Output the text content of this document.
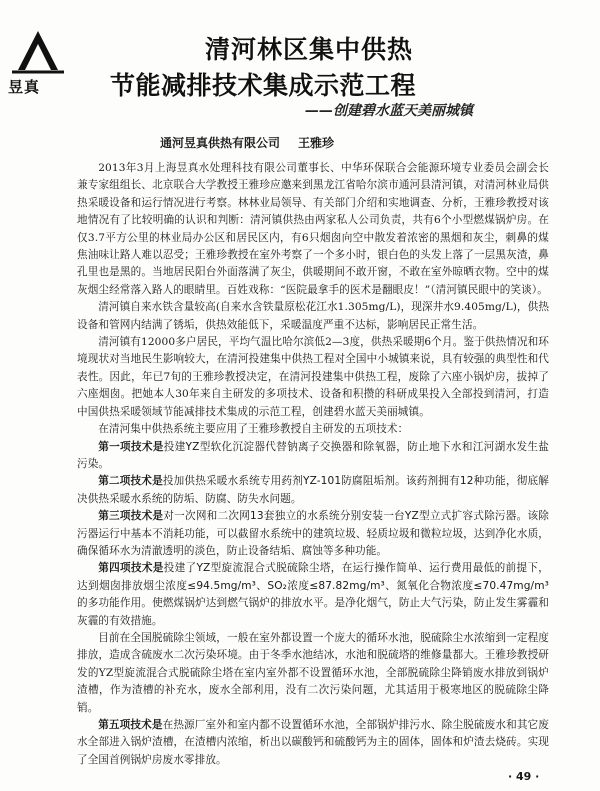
昱真
清河林区集中供热
节能减排技术集成示范工程
——创建碧水蓝天美丽城镇
通河昱真供热有限公司 王雅珍

2013年3月上海昱真水处理科技有限公司董事长、中华环保联合会能源环境专业委员会副会长兼专家组组长、北京联合大学教授王雅珍应邀来到黑龙江省哈尔滨市通河县清河镇，对清河林业局供热采暖设备和运行情况进行考察。林林业局领导、有关部门介绍和实地调查、分析，王雅珍教授对该地情况有了比较明确的认识和判断：清河镇供热由两家私人公司负责，共有6个小型燃煤锅炉房。在仅3.7平方公里的林业局办公区和居民区内，有6只烟囱向空中散发着浓密的黑烟和灰尘，刺鼻的煤焦油味让路人难以忍受；王雅珍教授在室外考察了一个多小时，银白色的头发上落了一层黑灰渣，鼻孔里也是黑的。当地居民阳台外面落满了灰尘，供暖期间不敢开窗，不敢在室外晾晒衣物。空中的煤灰烟尘经常落入路人的眼睛里。百姓戏称：“医院最拿手的医术是翻眼皮！”（清河镇民眼中的笑谈）。

清河镇自来水铁含量较高(自来水含铁量原松花江水1.305mg/L)，现深井水9.405mg/L)，供热设备和管网内结满了锈垢，供热效能低下，采暖温度严重不达标，影响居民正常生活。

清河镇有12000多户居民，平均气温比哈尔滨低2—3度，供热采暖期6个月。鉴于供热情况和环境现状对当地民生影响较大，在清河投建集中供热工程对全国中小城镇来说，具有较强的典型性和代表性。因此，年已7旬的王雅珍教授决定，在清河投建集中供热工程，废除了六座小锅炉房，拔掉了六座烟囱。把她本人30年来自主研发的多项技术、设备和积攒的科研成果投入全部投到清河，打造中国供热采暖领域节能减排技术集成的示范工程，创建碧水蓝天美丽城镇。

在清河集中供热系统主要应用了王雅珍教授自主研发的五项技术：

第一项技术是投建YZ型软化沉淀器代替钠离子交换器和除氧器，防止地下水和江河湖水发生盐污染。

第二项技术是投加供热采暖水系统专用药剂YZ-101防腐阻垢剂。该药剂拥有12种功能，彻底解决供热采暖水系统的防垢、防腐、防失水问题。

第三项技术是对一次网和二次网13套独立的水系统分别安装一台YZ型立式扩容式除污器。该除污器运行中基本不消耗功能，可以截留水系统中的建筑垃圾、轻质垃圾和微粒垃圾，达到净化水质，确保循环水为清澈透明的淡色，防止设备结垢、腐蚀等多种功能。

第四项技术是投建了YZ型旋流混合式脱硫除尘塔，在运行操作简单、运行费用最低的前提下，达到烟囱排放烟尘浓度≤94.5mg/m³、SO₂浓度≤87.82mg/m³、氮氧化合物浓度≤70.47mg/m³的多功能作用。使燃煤锅炉达到燃气锅炉的排放水平。是净化烟气，防止大气污染，防止发生雾霾和灰霾的有效措施。

目前在全国脱硫除尘领域，一般在室外都设置一个庞大的循环水池，脱硫除尘水浓缩到一定程度排放，造成含硫废水二次污染环境。由于冬季水池结冰，水池和脱硫塔的维修量都大。王雅珍教授研发的YZ型旋流混合式脱硫除尘塔在室内室外都不设置循环水池，全部脱硫除尘降销废水排放到锅炉渣槽，作为渣槽的补充水，废水全部利用，没有二次污染问题，尤其适用于极寒地区的脱硫除尘降销。

第五项技术是在热源厂室外和室内都不设置循环水池，全部锅炉排污水、除尘脱硫废水和其它废水全部进入锅炉渣槽，在渣槽内浓缩，析出以碳酸钙和硫酸钙为主的固体，固体和炉渣去烧砖。实现了全国首例锅炉房废水零排放。

· 49 ·
